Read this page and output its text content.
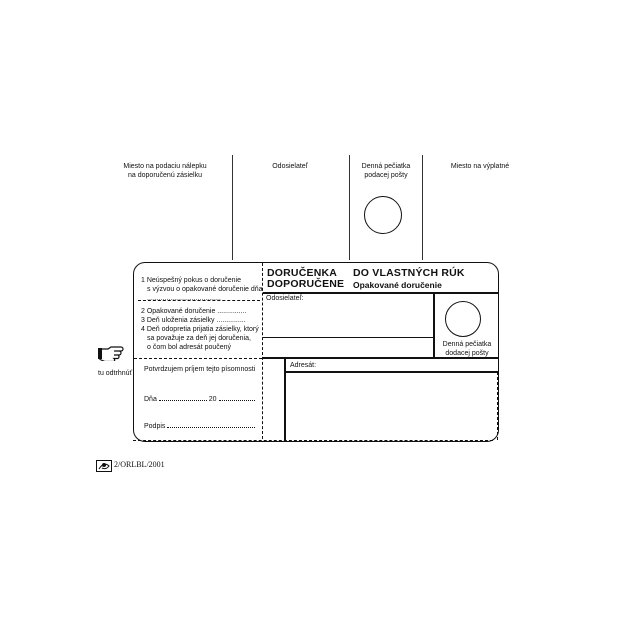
Miesto na podaciu nálepku
na doporučenú zásielku
Odosielateľ	Denná pečiatka
podacej pošty
Miesto na výplatné
1 Neúspešný pokus o doručenie
s výzvou o opakované doručenie dňa
......................................
2 Opakované doručenie ...............
3 Deň uloženia zásielky ...............
4 Deň odopretia prijatia zásielky, ktorý
sa považuje za deň jej doručenia,
o čom bol adresát poučený
Potvrdzujem príjem tejto písomnosti
Dňa	20
Podpis
DORUČENKA
DOPORUČENE
DO VLASTNÝCH RÚK
Opakované doručenie
Odosielateľ:
Denná pečiatka
dodacej pošty
Adresát:
tu odtrhnúť
2/ORLBL/2001
